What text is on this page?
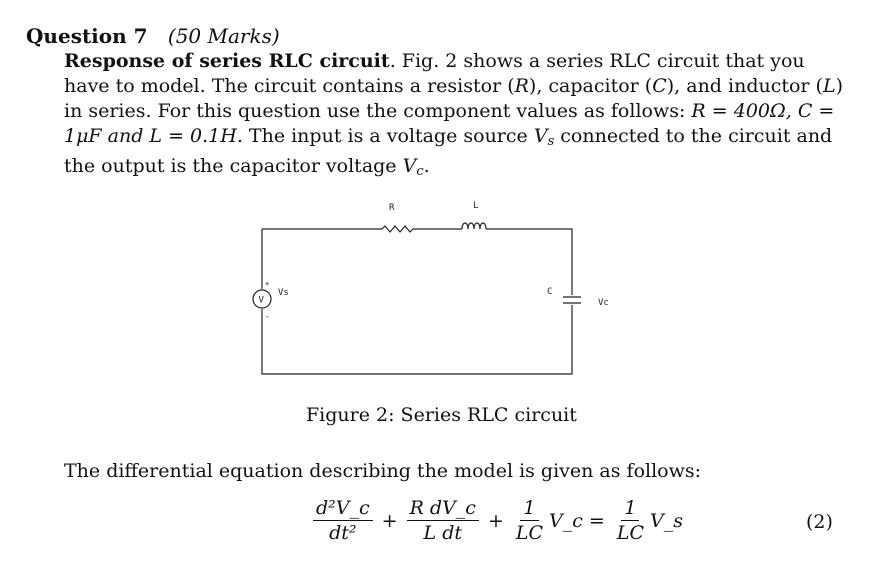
Question 7 (50 Marks)
Response of series RLC circuit. Fig. 2 shows a series RLC circuit that you have to model. The circuit contains a resistor (R), capacitor (C), and inductor (L) in series. For this question use the component values as follows: R = 400Ω, C = 1μF and L = 0.1H. The input is a voltage source $V_s$ connected to the circuit and the output is the capacitor voltage $V_c$.
R	L
C
Vs
Vc
V
+
-
Figure 2: Series RLC circuit
The differential equation describing the model is given as follows:
$\frac{\text{d²V\_c}}{\text{dt²}} + \frac{\text{R dV\_c}}{\text{L dt}} + \frac{1}{LC}$ V_c = $\frac{1}{LC}$ V_s	(2)
